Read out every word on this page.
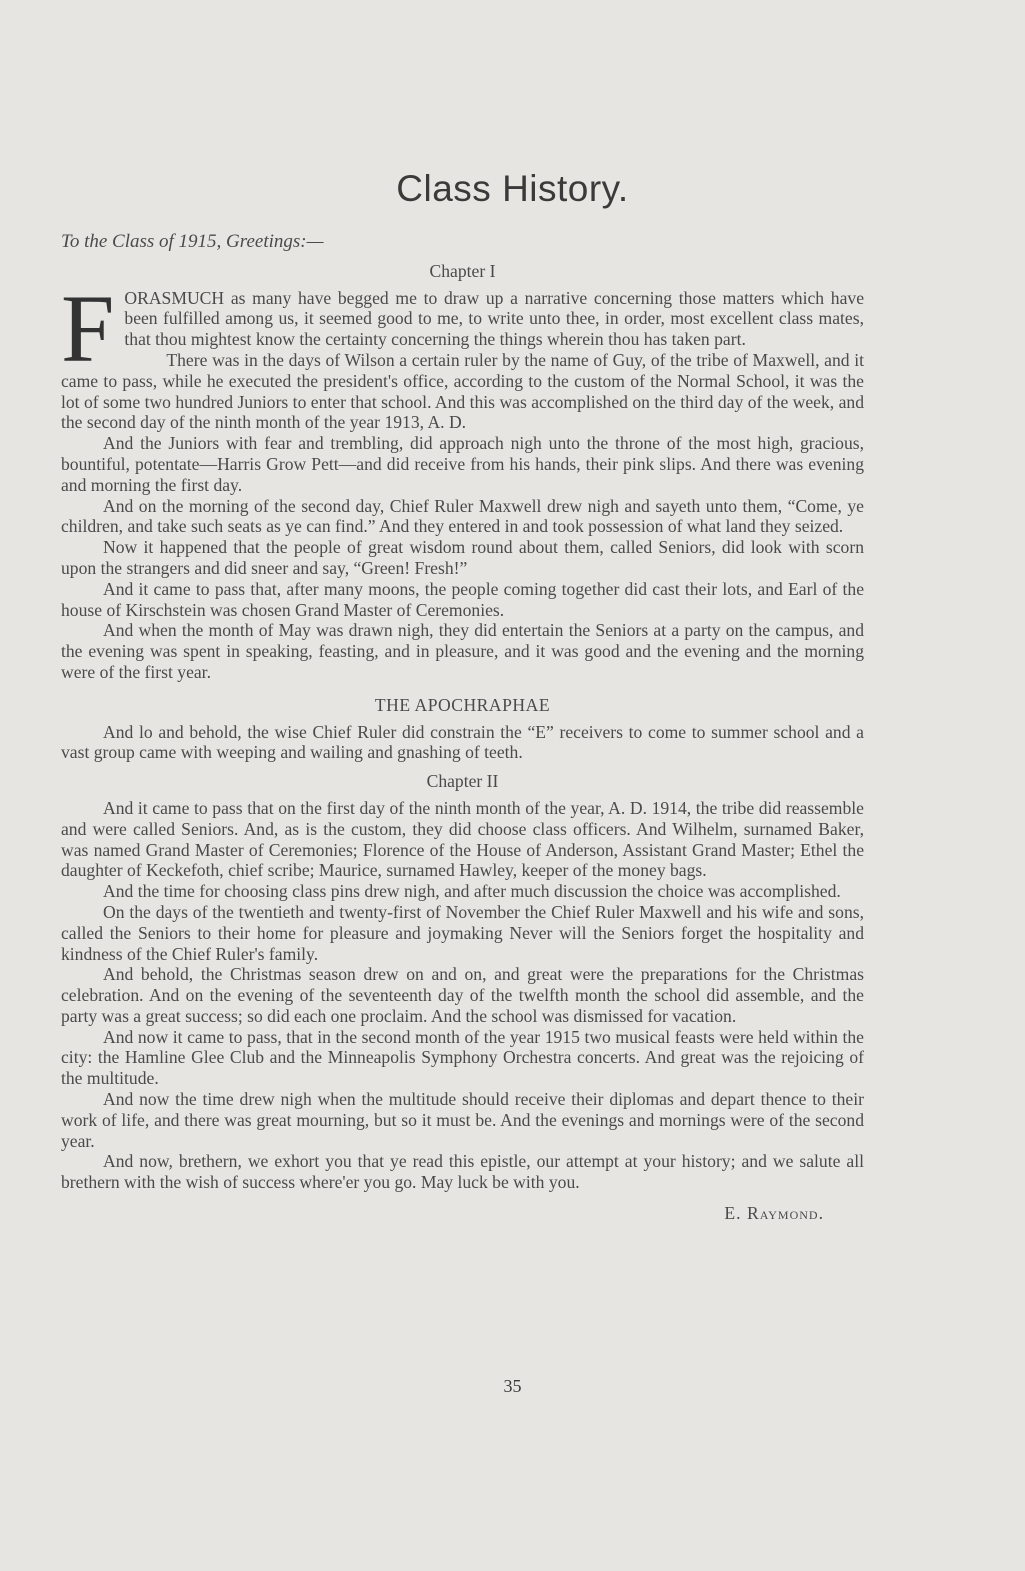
Class History.
To the Class of 1915, Greetings:—
Chapter I
F ORASMUCH as many have begged me to draw up a narrative concerning those matters which have been fulfilled among us, it seemed good to me, to write unto thee, in order, most excellent class mates, that thou mightest know the certainty concerning the things wherein thou has taken part.

There was in the days of Wilson a certain ruler by the name of Guy, of the tribe of Maxwell, and it came to pass, while he executed the president's office, according to the custom of the Normal School, it was the lot of some two hundred Juniors to enter that school. And this was accomplished on the third day of the week, and the second day of the ninth month of the year 1913, A. D.

And the Juniors with fear and trembling, did approach nigh unto the throne of the most high, gracious, bountiful, potentate—Harris Grow Pett—and did receive from his hands, their pink slips. And there was evening and morning the first day.

And on the morning of the second day, Chief Ruler Maxwell drew nigh and sayeth unto them, “Come, ye children, and take such seats as ye can find.” And they entered in and took possession of what land they seized.

Now it happened that the people of great wisdom round about them, called Seniors, did look with scorn upon the strangers and did sneer and say, “Green! Fresh!”

And it came to pass that, after many moons, the people coming together did cast their lots, and Earl of the house of Kirschstein was chosen Grand Master of Ceremonies.

And when the month of May was drawn nigh, they did entertain the Seniors at a party on the campus, and the evening was spent in speaking, feasting, and in pleasure, and it was good and the evening and the morning were of the first year.

THE APOCHRAPHAE

And lo and behold, the wise Chief Ruler did constrain the “E” receivers to come to summer school and a vast group came with weeping and wailing and gnashing of teeth.

Chapter II

And it came to pass that on the first day of the ninth month of the year, A. D. 1914, the tribe did reassemble and were called Seniors. And, as is the custom, they did choose class officers. And Wilhelm, surnamed Baker, was named Grand Master of Ceremonies; Florence of the House of Anderson, Assistant Grand Master; Ethel the daughter of Keckefoth, chief scribe; Maurice, surnamed Hawley, keeper of the money bags.

And the time for choosing class pins drew nigh, and after much discussion the choice was accomplished.

On the days of the twentieth and twenty-first of November the Chief Ruler Maxwell and his wife and sons, called the Seniors to their home for pleasure and joymaking Never will the Seniors forget the hospitality and kindness of the Chief Ruler's family.

And behold, the Christmas season drew on and on, and great were the preparations for the Christmas celebration. And on the evening of the seventeenth day of the twelfth month the school did assemble, and the party was a great success; so did each one proclaim. And the school was dismissed for vacation.

And now it came to pass, that in the second month of the year 1915 two musical feasts were held within the city: the Hamline Glee Club and the Minneapolis Symphony Orchestra concerts. And great was the rejoicing of the multitude.

And now the time drew nigh when the multitude should receive their diplomas and depart thence to their work of life, and there was great mourning, but so it must be. And the evenings and mornings were of the second year.

And now, brethern, we exhort you that ye read this epistle, our attempt at your history; and we salute all brethern with the wish of success where'er you go. May luck be with you.

E. Raymond.
35
